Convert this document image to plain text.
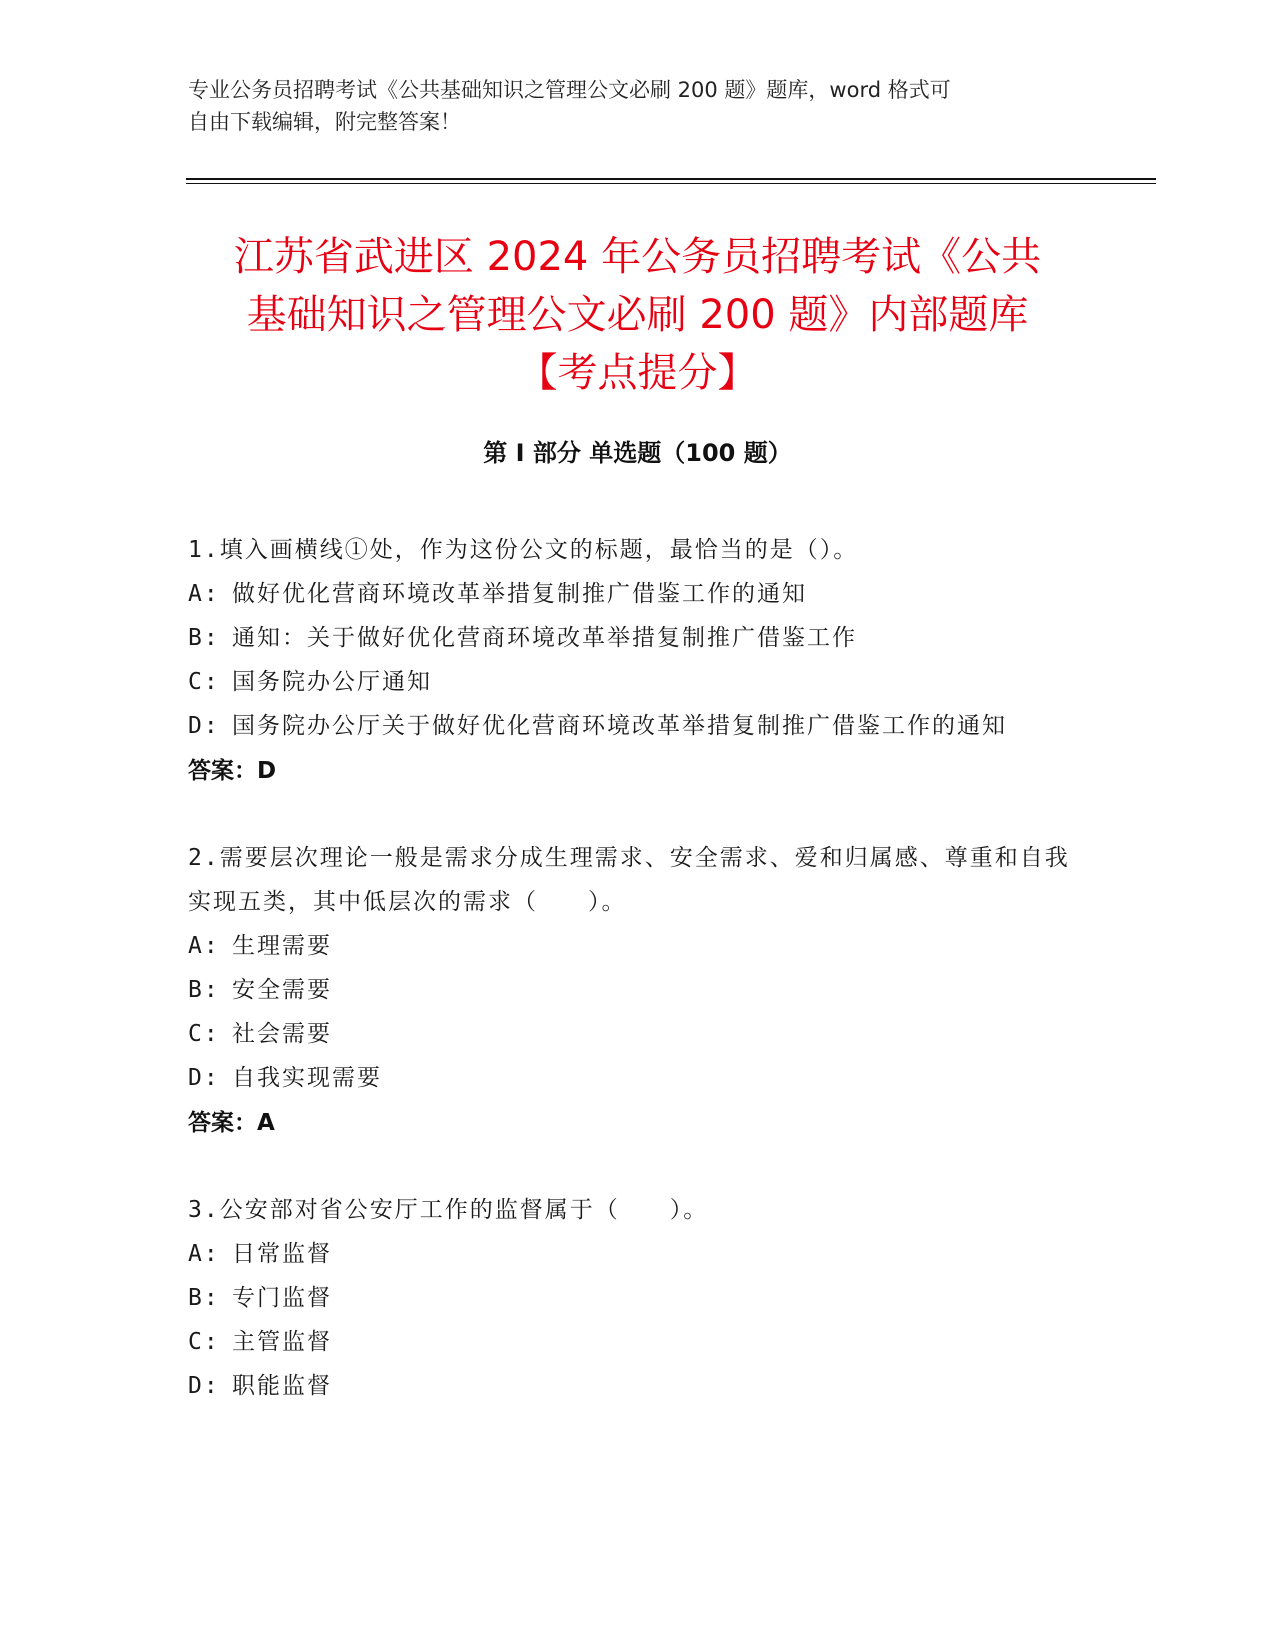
专业公务员招聘考试《公共基础知识之管理公文必刷 200 题》题库，word 格式可
自由下载编辑，附完整答案！
江苏省武进区 2024 年公务员招聘考试《公共
基础知识之管理公文必刷 200 题》内部题库
【考点提分】
第 I 部分 单选题（100 题）
1.填入画横线①处，作为这份公文的标题，最恰当的是（）。
A: 做好优化营商环境改革举措复制推广借鉴工作的通知
B: 通知：关于做好优化营商环境改革举措复制推广借鉴工作
C: 国务院办公厅通知
D: 国务院办公厅关于做好优化营商环境改革举措复制推广借鉴工作的通知
答案：D
2.需要层次理论一般是需求分成生理需求、安全需求、爱和归属感、尊重和自我实现五类，其中低层次的需求（　　）。
A: 生理需要
B: 安全需要
C: 社会需要
D: 自我实现需要
答案：A
3.公安部对省公安厅工作的监督属于（　　）。
A: 日常监督
B: 专门监督
C: 主管监督
D: 职能监督
